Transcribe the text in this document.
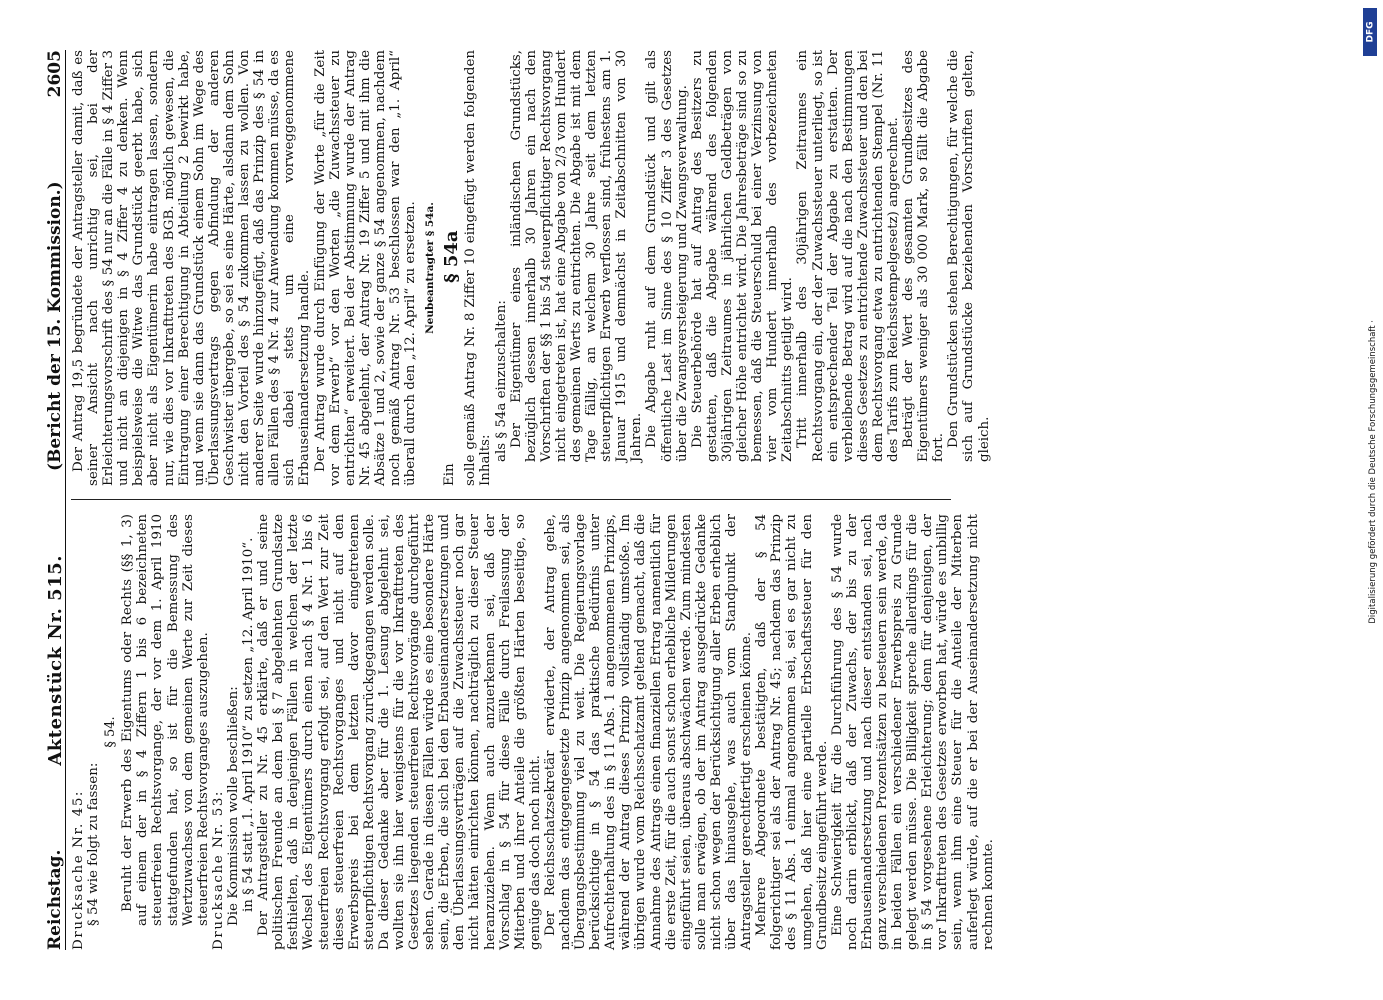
Reichstag.
Aktenstück Nr. 515.
(Bericht der 15. Kommission.)
2605

Drucksache Nr. 45: § 54 wie folgt zu fassen:

§ 54. Beruht der Erwerb des Eigentums oder Rechts (§§ 1, 3) auf einem der in § 4 Ziffern 1 bis 6 bezeichneten steuerfreien Rechtsvorgange, der vor dem 1. April 1910 stattgefunden hat, so ist für die Bemessung des Wertzuwachses von dem gemeinen Werte zur Zeit dieses steuerfreien Rechtsvorganges auszugehen. Drucksache Nr. 53: Die Kommission wolle beschließen: in § 54 statt „1. April 1910“ zu setzen „12. April 1910“. Der Antragsteller zu Nr. 45 erklärte, daß er und seine politischen Freunde an dem bei § 7 abgelehnten Grundsatze festhielten, daß in denjenigen Fällen in welchen der letzte Wechsel des Eigentümers durch einen nach § 4 Nr. 1 bis 6 steuerfreien Rechtsvorgang erfolgt sei, auf den Wert zur Zeit dieses steuerfreien Rechtsvorganges und nicht auf den Erwerbspreis bei dem letzten davor eingetretenen steuerpflichtigen Rechtsvorgang zurückgegangen werden solle. Da dieser Gedanke aber für die 1. Lesung abgelehnt sei, wollten sie ihn hier wenigstens für die vor Inkrafttreten des Gesetzes liegenden steuerfreien Rechtsvorgänge durchgeführt sehen. Gerade in diesen Fällen würde es eine besondere Härte sein, die Erben, die sich bei den Erbauseinandersetzungen und den Überlassungsverträgen auf die Zuwachssteuer noch gar nicht hätten einrichten können, nachträglich zu dieser Steuer heranzuziehen. Wenn auch anzuerkennen sei, daß der Vorschlag in § 54 für diese Fälle durch Freilassung der Miterben und ihrer Anteile die größten Härten beseitige, so genüge das doch noch nicht. Der Reichsschatzsekretär erwiderte, der Antrag gehe, nachdem das entgegengesetzte Prinzip angenommen sei, als Übergangsbestimmung viel zu weit. Die Regierungsvorlage berücksichtige in § 54 das praktische Bedürfnis unter Aufrechterhaltung des in § 11 Abs. 1 angenommenen Prinzips, während der Antrag dieses Prinzip vollständig umstoße. Im übrigen wurde vom Reichsschatzamt geltend gemacht, daß die Annahme des Antrags einen finanziellen Ertrag namentlich für die erste Zeit, für die auch sonst schon erhebliche Milderungen eingeführt seien, überaus abschwächen werde. Zum mindesten solle man erwägen, ob der im Antrag ausgedrückte Gedanke nicht schon wegen der Berücksichtigung aller Erben erheblich über das hinausgehe, was auch vom Standpunkt der Antragsteller gerechtfertigt erscheinen könne. Mehrere Abgeordnete bestätigten, daß der § 54 folgerichtiger sei als der Antrag Nr. 45; nachdem das Prinzip des § 11 Abs. 1 einmal angenommen sei, sei es gar nicht zu umgehen, daß hier eine partielle Erbschaftssteuer für den Grundbesitz eingeführt werde. Eine Schwierigkeit für die Durchführung des § 54 wurde noch darin erblickt, daß der Zuwachs, der bis zu der Erbauseinandersetzung und nach dieser entstanden sei, nach ganz verschiedenen Prozentsätzen zu besteuern sein werde, da in beiden Fällen ein verschiedener Erwerbspreis zu Grunde gelegt werden müsse. Die Billigkeit spreche allerdings für die in § 54 vorgesehene Erleichterung; denn für denjenigen, der vor Inkrafttreten des Gesetzes erworben hat, würde es unbillig sein, wenn ihm eine Steuer für die Anteile der Miterben auferlegt würde, auf die er bei der Auseinandersetzung nicht rechnen konnte.

Der Antrag 19,5 begründete der Antragsteller damit, daß es seiner Ansicht nach unrichtig sei, bei der Erleichterungsvorschrift des § 54 nur an die Fälle in § 4 Ziffer 3 und nicht an diejenigen in § 4 Ziffer 4 zu denken. Wenn beispielsweise die Witwe das Grundstück geerbt habe, sich aber nicht als Eigentümerin habe eintragen lassen, sondern nur, wie dies vor Inkrafttreten des BGB. möglich gewesen, die Eintragung einer Berechtigung in Abteilung 2 bewirkt habe, und wenn sie dann das Grundstück einem Sohn im Wege des Überlassungsvertrags gegen Abfindung der anderen Geschwister übergebe, so sei es eine Härte, alsdann dem Sohn nicht den Vorteil des § 54 zukommen lassen zu wollen. Von anderer Seite wurde hinzugefügt, daß das Prinzip des § 54 in allen Fällen des § 4 Nr. 4 zur Anwendung kommen müsse, da es sich dabei stets um eine vorweggenommene Erbauseinandersetzung handle. Der Antrag wurde durch Einfügung der Worte „für die Zeit vor dem Erwerb“ vor den Worten „die Zuwachssteuer zu entrichten“ erweitert. Bei der Abstimmung wurde der Antrag Nr. 45 abgelehnt, der Antrag Nr. 19 Ziffer 5 und mit ihm die Absätze 1 und 2, sowie der ganze § 54 angenommen, nachdem noch gemäß Antrag Nr. 53 beschlossen war den „1. April“ überall durch den „12. April“ zu ersetzen. Neubeantragter § 54a.

Ein
§ 54a solle gemäß Antrag Nr. 8 Ziffer 10 eingefügt werden folgenden Inhalts: als § 54a einzuschalten: Der Eigentümer eines inländischen Grundstücks, bezüglich dessen innerhalb 30 Jahren ein nach den Vorschriften der §§ 1 bis 54 steuerpflichtiger Rechtsvorgang nicht eingetreten ist, hat eine Abgabe von 2/3 vom Hundert des gemeinen Werts zu entrichten. Die Abgabe ist mit dem Tage fällig, an welchem 30 Jahre seit dem letzten steuerpflichtigen Erwerb verflossen sind, frühestens am 1. Januar 1915 und demnächst in Zeitabschnitten von 30 Jahren. Die Abgabe ruht auf dem Grundstück und gilt als öffentliche Last im Sinne des § 10 Ziffer 3 des Gesetzes über die Zwangsversteigerung und Zwangsverwaltung. Die Steuerbehörde hat auf Antrag des Besitzers zu gestatten, daß die Abgabe während des folgenden 30jährigen Zeitraumes in jährlichen Geldbeträgen von gleicher Höhe entrichtet wird. Die Jahresbeträge sind so zu bemessen, daß die Steuerschuld bei einer Verzinsung von vier vom Hundert innerhalb des vorbezeichneten Zeitabschnitts getilgt wird. Tritt innerhalb des 30jährigen Zeitraumes ein Rechtsvorgang ein, der der Zuwachssteuer unterliegt, so ist ein entsprechender Teil der Abgabe zu erstatten. Der verbleibende Betrag wird auf die nach den Bestimmungen dieses Gesetzes zu entrichtende Zuwachssteuer und den bei dem Rechtsvorgang etwa zu entrichtenden Stempel (Nr. 11 des Tarifs zum Reichsstempelgesetz) angerechnet. Beträgt der Wert des gesamten Grundbesitzes des Eigentümers weniger als 30 000 Mark, so fällt die Abgabe fort. Den Grundstücken stehen Berechtigungen, für welche die sich auf Grundstücke beziehenden Vorschriften gelten, gleich.

DFG
Digitalisierung gefördert durch die Deutsche Forschungsgemeinschaft ·
